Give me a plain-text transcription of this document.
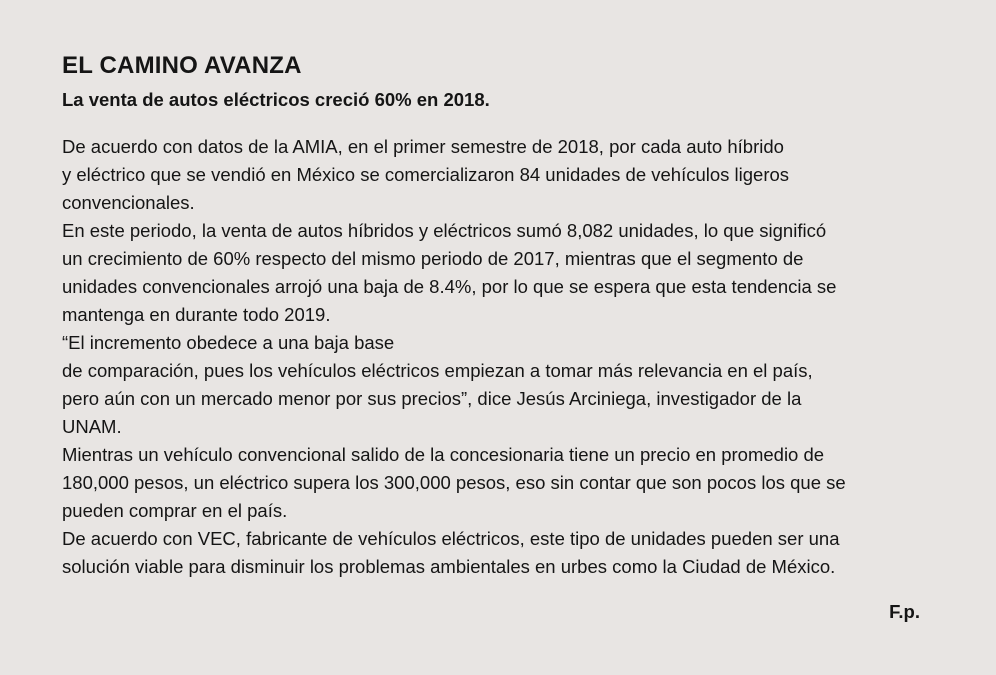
EL CAMINO AVANZA
La venta de autos eléctricos creció 60% en 2018.
De acuerdo con datos de la AMIA, en el primer semestre de 2018, por cada auto híbrido
y eléctrico que se vendió en México se comercializaron 84 unidades de vehículos ligeros
convencionales.
En este periodo, la venta de autos híbridos y eléctricos sumó 8,082 unidades, lo que significó
un crecimiento de 60% respecto del mismo periodo de 2017, mientras que el segmento de
unidades convencionales arrojó una baja de 8.4%, por lo que se espera que esta tendencia se
mantenga en durante todo 2019.
“El incremento obedece a una baja base
de comparación, pues los vehículos eléctricos empiezan a tomar más relevancia en el país,
pero aún con un mercado menor por sus precios”, dice Jesús Arciniega, investigador de la
UNAM.
Mientras un vehículo convencional salido de la concesionaria tiene un precio en promedio de
180,000 pesos, un eléctrico supera los 300,000 pesos, eso sin contar que son pocos los que se
pueden comprar en el país.
De acuerdo con VEC, fabricante de vehículos eléctricos, este tipo de unidades pueden ser una
solución viable para disminuir los problemas ambientales en urbes como la Ciudad de México.
F.p.
